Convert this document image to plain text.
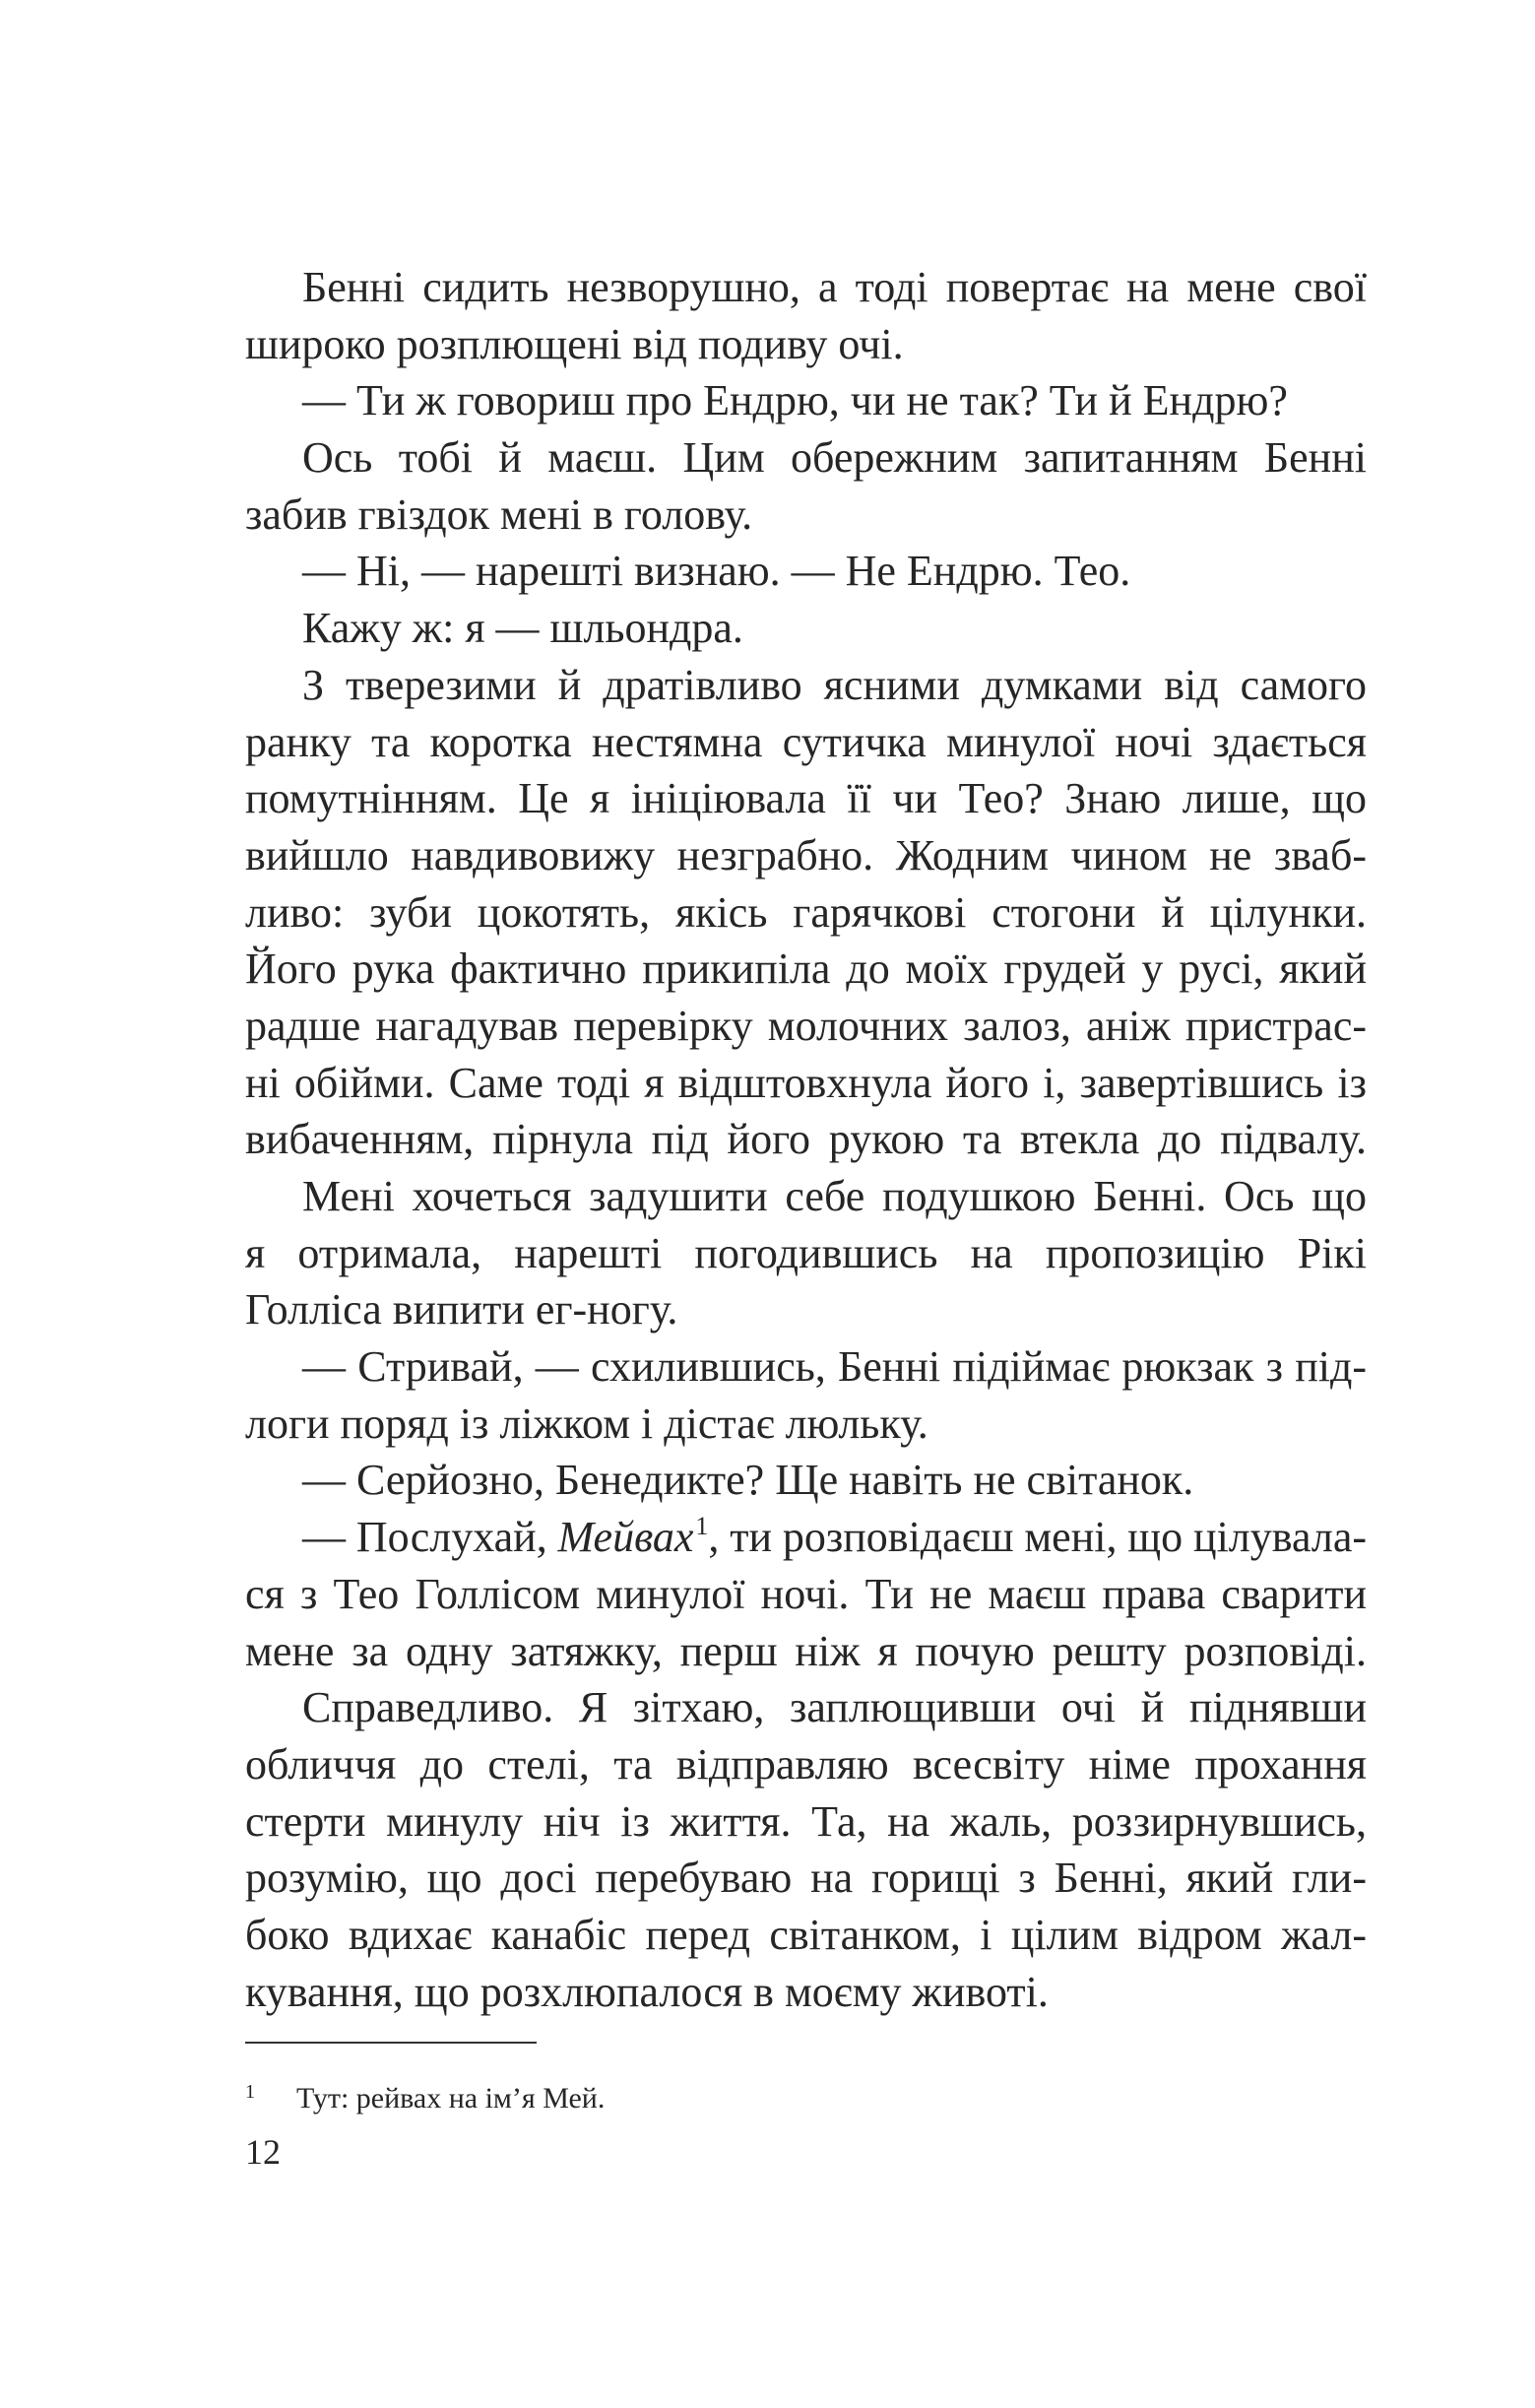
Бенні сидить незворушно, а тоді повертає на мене свої
широко розплющені від подиву очі.
— Ти ж говориш про Ендрю, чи не так? Ти й Ендрю?
Ось тобі й маєш. Цим обережним запитанням Бенні
забив гвіздок мені в голову.
— Ні, — нарешті визнаю. — Не Ендрю. Тео.
Кажу ж: я — шльондра.
З тверезими й дратівливо ясними думками від самого
ранку та коротка нестямна сутичка минулої ночі здається
помутнінням. Це я ініціювала її чи Тео? Знаю лише, що
вийшло навдивовижу незграбно. Жодним чином не зваб-
ливо: зуби цокотять, якісь гарячкові стогони й цілунки.
Його рука фактично прикипіла до моїх грудей у русі, який
радше нагадував перевірку молочних залоз, аніж пристрас-
ні обійми. Саме тоді я відштовхнула його і, завертівшись із
вибаченням, пірнула під його рукою та втекла до підвалу.
Мені хочеться задушити себе подушкою Бенні. Ось що
я отримала, нарешті погодившись на пропозицію Рікі
Голліса випити ег-ногу.
— Стривай, — схилившись, Бенні підіймає рюкзак з під-
логи поряд із ліжком і дістає люльку.
— Серйозно, Бенедикте? Ще навіть не світанок.
— Послухай, Мейвах$^1$, ти розповідаєш мені, що цілувала-
ся з Тео Голлісом минулої ночі. Ти не маєш права сварити
мене за одну затяжку, перш ніж я почую решту розповіді.
Справедливо. Я зітхаю, заплющивши очі й піднявши
обличчя до стелі, та відправляю всесвіту німе прохання
стерти минулу ніч із життя. Та, на жаль, роззирнувшись,
розумію, що досі перебуваю на горищі з Бенні, який гли-
боко вдихає канабіс перед світанком, і цілим відром жал-
кування, що розхлюпалося в моєму животі.
1 Тут: рейвах на ім’я Мей.
12
